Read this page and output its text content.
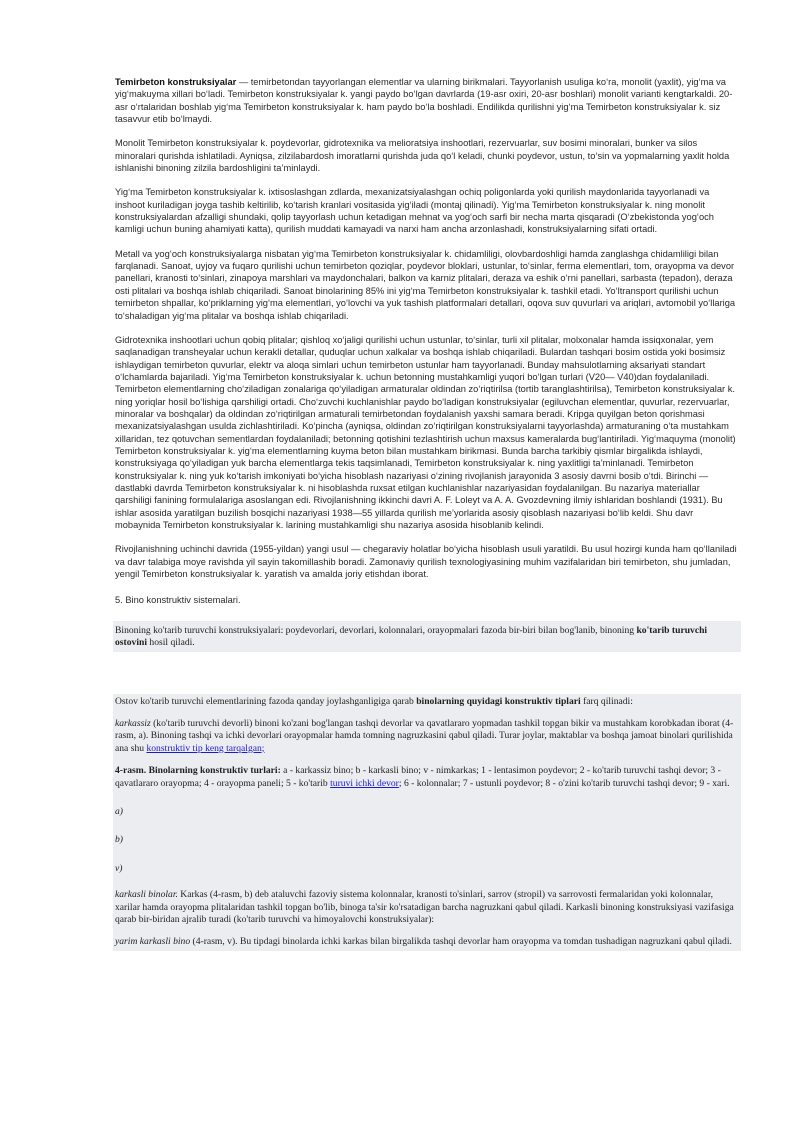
Temirbeton konstruksiyalar — temirbetondan tayyorlangan elementlar va ularning birikmalari. Tayyorlanish usuliga ko‘ra, monolit (yaxlit), yig‘ma va yig‘makuyma xillari bo‘ladi. Temirbeton konstruksiyalar k. yangi paydo bo‘lgan davrlarda (19-asr oxiri, 20-asr boshlari) monolit varianti kengtarkaldi. 20-asr o‘rtalaridan boshlab yig‘ma Temirbeton konstruksiyalar k. ham paydo bo‘la boshladi. Endilikda qurilishni yig‘ma Temirbeton konstruksiyalar k. siz tasavvur etib bo‘lmaydi.

Monolit Temirbeton konstruksiyalar k. poydevorlar, gidrotexnika va melioratsiya inshootlari, rezervuarlar, suv bosimi minoralari, bunker va silos minoralari qurishda ishlatiladi. Ayniqsa, zilzilabardosh imoratlarni qurishda juda qo‘l keladi, chunki poydevor, ustun, to‘sin va yopmalarning yaxlit holda ishlanishi binoning zilzila bardoshligini ta’minlaydi.

Yig‘ma Temirbeton konstruksiyalar k. ixtisoslashgan zdlarda, mexanizatsiyalashgan ochiq poligonlarda yoki qurilish maydonlarida tayyorlanadi va inshoot kuriladigan joyga tashib keltirilib, ko‘tarish kranlari vositasida yig‘iladi (montaj qilinadi). Yig‘ma Temirbeton konstruksiyalar k. ning monolit konstruksiyalardan afzalligi shundaki, qolip tayyorlash uchun ketadigan mehnat va yog‘och sarfi bir necha marta qisqaradi (O‘zbekistonda yog‘och kamligi uchun buning ahamiyati katta), qurilish muddati kamayadi va narxi ham ancha arzonlashadi, konstruksiyalarning sifati ortadi.

Metall va yog‘och konstruksiyalarga nisbatan yig‘ma Temirbeton konstruksiyalar k. chidamliligi, olovbardoshligi hamda zanglashga chidamliligi bilan farqlanadi. Sanoat, uyjoy va fuqaro qurilishi uchun temirbeton qoziqlar, poydevor bloklari, ustunlar, to‘sinlar, ferma elementlari, tom, orayopma va devor panellari, kranosti to‘sinlari, zinapoya marshlari va maydonchalari, balkon va karniz plitalari, deraza va eshik o‘rni panellari, sarbasta (tepadon), deraza osti plitalari va boshqa ishlab chiqariladi. Sanoat binolarining 85% ini yig‘ma Temirbeton konstruksiyalar k. tashkil etadi. Yo‘ltransport qurilishi uchun temirbeton shpallar, ko‘priklarning yig‘ma elementlari, yo‘lovchi va yuk tashish platformalari detallari, oqova suv quvurlari va ariqlari, avtomobil yo‘llariga to‘shaladigan yig‘ma plitalar va boshqa ishlab chiqariladi.

Gidrotexnika inshootlari uchun qobiq plitalar; qishloq xo‘jaligi qurilishi uchun ustunlar, to‘sinlar, turli xil plitalar, molxonalar hamda issiqxonalar, yem saqlanadigan transheyalar uchun kerakli detallar, quduqlar uchun xalkalar va boshqa ishlab chiqariladi. Bulardan tashqari bosim ostida yoki bosimsiz ishlaydigan temirbeton quvurlar, elektr va aloqa simlari uchun temirbeton ustunlar ham tayyorlanadi. Bunday mahsulotlarning aksariyati standart o‘lchamlarda bajariladi. Yig‘ma Temirbeton konstruksiyalar k. uchun betonning mustahkamligi yuqori bo‘lgan turlari (V20— V40)dan foydalaniladi. Temirbeton elementlarning cho‘ziladigan zonalariga qo‘yiladigan armaturalar oldindan zo‘riqtirilsa (tortib taranglashtirilsa), Temirbeton konstruksiyalar k. ning yoriqlar hosil bo‘lishiga qarshiligi ortadi. Cho‘zuvchi kuchlanishlar paydo bo‘ladigan konstruksiyalar (egiluvchan elementlar, quvurlar, rezervuarlar, minoralar va boshqalar) da oldindan zo‘riqtirilgan armaturali temirbetondan foydalanish yaxshi samara beradi. Kripga quyilgan beton qorishmasi mexanizatsiyalashgan usulda zichlashtiriladi. Ko‘pincha (ayniqsa, oldindan zo‘riqtirilgan konstruksiyalarni tayyorlashda) armaturaning o‘ta mustahkam xillaridan, tez qotuvchan sementlardan foydalaniladi; betonning qotishini tezlashtirish uchun maxsus kameralarda bug‘lantiriladi. Yig‘maquyma (monolit) Temirbeton konstruksiyalar k. yig‘ma elementlarning kuyma beton bilan mustahkam birikmasi. Bunda barcha tarkibiy qismlar birgalikda ishlaydi, konstruksiyaga qo‘yiladigan yuk barcha elementlarga tekis taqsimlanadi, Temirbeton konstruksiyalar k. ning yaxlitligi ta’minlanadi. Temirbeton konstruksiyalar k. ning yuk ko‘tarish imkoniyati bo‘yicha hisoblash nazariyasi o‘zining rivojlanish jarayonida 3 asosiy davrni bosib o‘tdi. Birinchi — dastlabki davrda Temirbeton konstruksiyalar k. ni hisoblashda ruxsat etilgan kuchlanishlar nazariyasidan foydalanilgan. Bu nazariya materiallar qarshiligi fanining formulalariga asoslangan edi. Rivojlanishning ikkinchi davri A. F. Loleyt va A. A. Gvozdevning ilmiy ishlaridan boshlandi (1931). Bu ishlar asosida yaratilgan buzilish bosqichi nazariyasi 1938—55 yillarda qurilish me’yorlarida asosiy qisoblash nazariyasi bo‘lib keldi. Shu davr mobaynida Temirbeton konstruksiyalar k. larining mustahkamligi shu nazariya asosida hisoblanib kelindi.

Rivojlanishning uchinchi davrida (1955-yildan) yangi usul — chegaraviy holatlar bo‘yicha hisoblash usuli yaratildi. Bu usul hozirgi kunda ham qo‘llaniladi va davr talabiga moye ravishda yil sayin takomillashib boradi. Zamonaviy qurilish texnologiyasining muhim vazifalaridan biri temirbeton, shu jumladan, yengil Temirbeton konstruksiyalar k. yaratish va amalda joriy etishdan iborat.

5. Bino konstruktiv sistemalari.

Binoning ko'tarib turuvchi konstruksiyalari: poydevorlari, devorlari, kolonnalari, orayopmalari fazoda bir-biri bilan bog'lanib, binoning ko'tarib turuvchi ostovini hosil qiladi.

Ostov ko'tarib turuvchi elementlarining fazoda qanday joylashganligiga qarab binolarning quyidagi konstruktiv tiplari farq qilinadi:

karkassiz (ko'tarib turuvchi devorli) binoni ko'zani bog'langan tashqi devorlar va qavatlararo yopmadan tashkil topgan bikir va mustahkam korobkadan iborat (4-rasm, a). Binoning tashqi va ichki devorlari orayopmalar hamda tomning nagruzkasini qabul qiladi. Turar joylar, maktablar va boshqa jamoat binolari qurilishida ana shu konstruktiv tip keng tarqalgan;

4-rasm. Binolarning konstruktiv turlari: a - karkassiz bino; b - karkasli bino; v - nimkarkas; 1 - lentasimon poydevor; 2 - ko'tarib turuvchi tashqi devor; 3 - qavatlararo orayopma; 4 - orayopma paneli; 5 - ko'tarib turuvi ichki devor; 6 - kolonnalar; 7 - ustunli poydevor; 8 - o'zini ko'tarib turuvchi tashqi devor; 9 - xari.

a)

b)

v)

karkasli binolar. Karkas (4-rasm, b) deb ataluvchi fazoviy sistema kolonnalar, kranosti to'sinlari, sarrov (stropil) va sarrovosti fermalaridan yoki kolonnalar, xarilar hamda orayopma plitalaridan tashkil topgan bo'lib, binoga ta'sir ko'rsatadigan barcha nagruzkani qabul qiladi. Karkasli binoning konstruksiyasi vazifasiga qarab bir-biridan ajralib turadi (ko'tarib turuvchi va himoyalovchi konstruksiyalar):

yarim karkasli bino (4-rasm, v). Bu tipdagi binolarda ichki karkas bilan birgalikda tashqi devorlar ham orayopma va tomdan tushadigan nagruzkani qabul qiladi.
